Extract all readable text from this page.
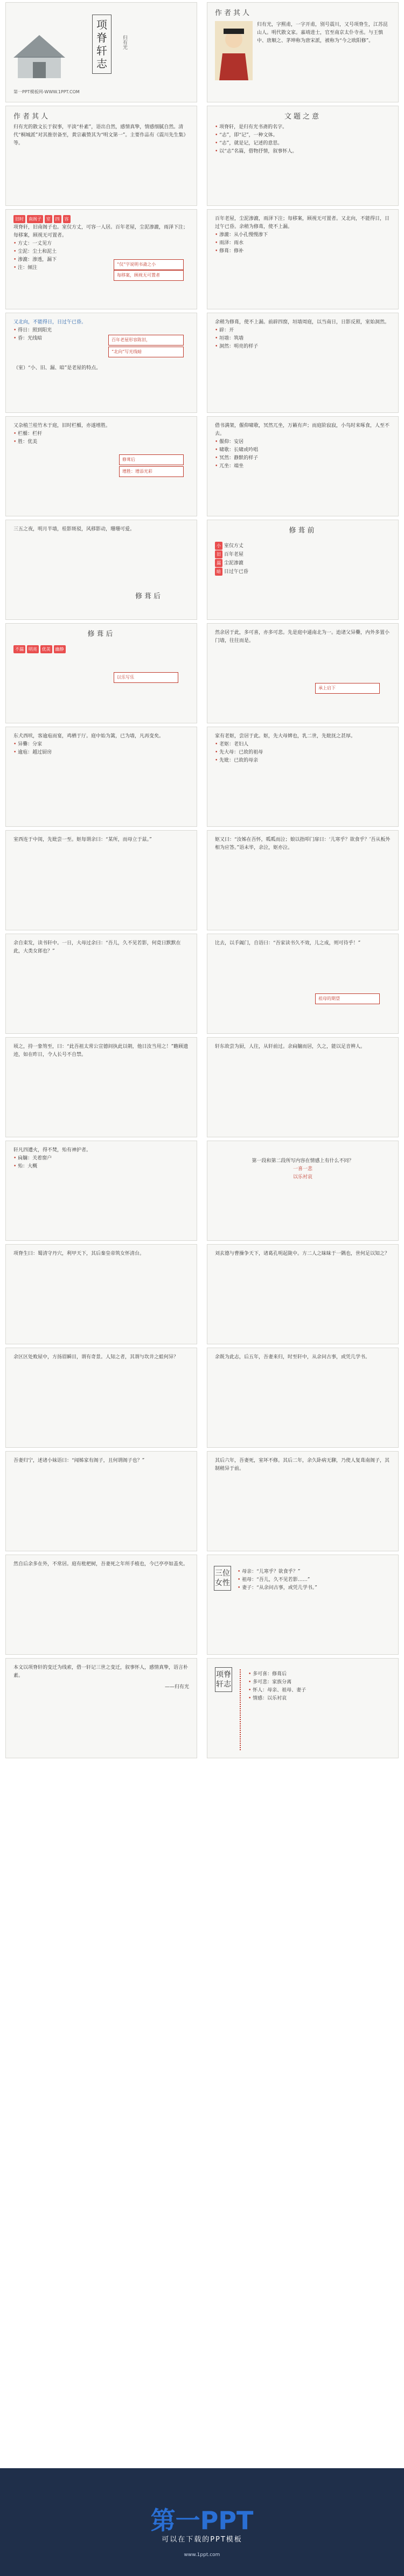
项脊轩志
归有光
第一PPT模板网-WWW.1PPT.COM
作者其人
归有光，字熙甫，一字开甫，别号震川，又号项脊生，江苏昆山人。明代散文家。嘉靖进士，官至南京太仆寺丞。与王慎中、唐顺之、茅坤称为唐宋派，被称为“今之欧阳修”。
作者其人
归有光的散文长于叙事，平淡“朴素”，语出自然，感情真挚，情感细腻自然。清代“桐城派”对其推崇备至，黄宗羲赞其为“明文第一”。主要作品有《震川先生集》等。
文题之意
• 项脊轩，是归有光书斋的名字。
• “志”，即“记”，一种文体。
• “志”，就是记，记述的意思。
• 以“志”名篇，借物抒情，叙事怀人。
旧时 南阁子 室 四 容
项脊轩，旧南阁子也。室仅方丈，可容一人居。百年老屋，尘泥渗漉，雨泽下注；每移案，顾视无可置者。
• 方丈：一丈见方
• 尘泥：尘土和泥土
• 渗漉：渗透，漏下
• 注：倾注
“仅”字说明书斋之小
每移案，顾视无可置者
百年老屋，尘泥渗漉，雨泽下注；每移案，顾视无可置者。又北向，不能得日，日过午已昏。余稍为修葺，使不上漏。
• 渗漉：从小孔慢慢渗下
• 雨泽：雨水
• 修葺：修补
又北向，不能得日，日过午已昏。
• 得日：照到阳光
• 昏：光线暗
（室）“小、旧、漏、暗”是老屋的特点。
百年老屋形容陈旧，
“北向”写光线暗
余稍为修葺，使不上漏。前辟四窗，垣墙周庭，以当南日，日影反照，室始洞然。
• 辟：开
• 垣墙：筑墙
• 洞然：明亮的样子
又杂植兰桂竹木于庭，旧时栏楯，亦遂增胜。
• 栏楯：栏杆
• 胜：优美
修葺后
增胜：增添光彩
借书满架，偃仰啸歌，冥然兀坐，万籁有声；而庭阶寂寂，小鸟时来啄食，人至不去。
• 偃仰：安居
• 啸歌：长啸或吟唱
• 冥然：静默的样子
• 兀坐：端坐
三五之夜，明月半墙，桂影斑驳，风移影动，珊珊可爱。
修葺后
修葺前
小 室仅方丈
旧 百年老屋
漏 尘泥渗漉
暗 日过午已昏
修葺后
不漏 明亮 优美 幽静
以乐写乐
然余居于此，多可喜，亦多可悲。先是庭中通南北为一。迨诸父异爨，内外多置小门墙，往往而是。
承上启下
东犬西吠，客逾庖而宴，鸡栖于厅。庭中始为篱，已为墙，凡再变矣。
• 异爨：分家
• 逾庖：越过厨房
家有老妪，尝居于此。妪，先大母婢也，乳二世，先妣抚之甚厚。
• 老妪：老妇人
• 先大母：已故的祖母
• 先妣：已故的母亲
室西连于中闺，先妣尝一至。妪每谓余曰：“某所，而母立于兹。”	妪又曰：“汝姊在吾怀，呱呱而泣；娘以指叩门扉曰：‘儿寒乎？欲食乎？’吾从板外相为应答。”语未毕，余泣，妪亦泣。
余自束发，读书轩中。一日，大母过余曰：“吾儿，久不见若影，何竟日默默在此，大类女郎也？”
比去，以手阖门，自语曰：“吾家读书久不效，儿之成，则可待乎！”
祖母的期望
顷之，持一象笏至，曰：“此吾祖太常公宣德间执此以朝，他日汝当用之！”瞻顾遗迹，如在昨日，令人长号不自禁。
轩东故尝为厨，人往，从轩前过。余扃牖而居，久之，能以足音辨人。
轩凡四遭火，得不焚，殆有神护者。
• 扃牖：关着窗户
• 殆：大概
第一段和第二段所写内容在情感上有什么不同？
一喜一悲
以乐衬哀
项脊生曰：蜀清守丹穴，利甲天下，其后秦皇帝筑女怀清台。	刘玄德与曹操争天下，诸葛孔明起陇中。方二人之昧昧于一隅也，世何足以知之？
余区区处败屋中，方扬眉瞬目，谓有奇景。人知之者，其谓与坎井之蛙何异？	余既为此志，后五年，吾妻来归，时至轩中，从余问古事，或凭几学书。
吾妻归宁，述诸小妹语曰：“闻姊家有阁子，且何谓阁子也？”	其后六年，吾妻死，室坏不修。其后二年，余久卧病无聊，乃使人复葺南阁子，其制稍异于前。
然自后余多在外，不常居。庭有枇杷树，吾妻死之年所手植也，今已亭亭如盖矣。
三位女性
• 母亲：“儿寒乎？欲食乎？”
• 祖母：“吾儿，久不见若影……”
• 妻子：“从余问古事，或凭几学书。”
本文以项脊轩的变迁为线索，借一轩记三世之变迁，叙事怀人，感情真挚，语言朴素。
——归有光
项脊轩志
• 多可喜：修葺后
• 多可悲：家族分离
• 怀人：母亲、祖母、妻子
• 情感：以乐衬哀
第一PPT
可以在下载的PPT模板
www.1ppt.com
